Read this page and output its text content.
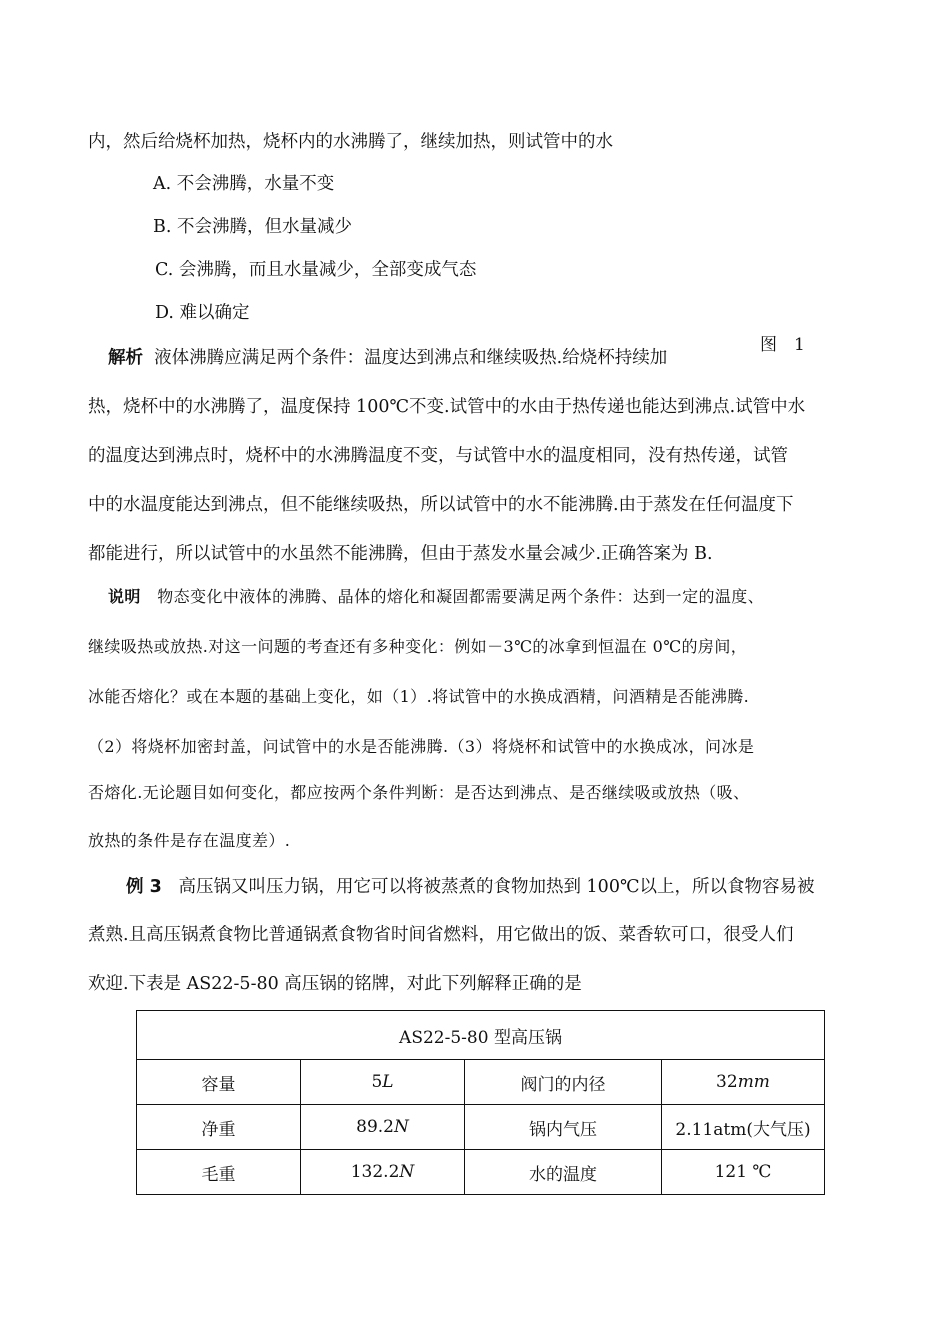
内，然后给烧杯加热，烧杯内的水沸腾了，继续加热，则试管中的水
A. 不会沸腾，水量不变
B. 不会沸腾，但水量减少
C. 会沸腾，而且水量减少，全部变成气态
D. 难以确定
图　1
解析 液体沸腾应满足两个条件：温度达到沸点和继续吸热.给烧杯持续加
热，烧杯中的水沸腾了，温度保持 100℃不变.试管中的水由于热传递也能达到沸点.试管中水
的温度达到沸点时，烧杯中的水沸腾温度不变，与试管中水的温度相同，没有热传递，试管
中的水温度能达到沸点，但不能继续吸热，所以试管中的水不能沸腾.由于蒸发在任何温度下
都能进行，所以试管中的水虽然不能沸腾，但由于蒸发水量会减少.正确答案为 B.
说明 物态变化中液体的沸腾、晶体的熔化和凝固都需要满足两个条件：达到一定的温度、
继续吸热或放热.对这一问题的考查还有多种变化：例如－3℃的冰拿到恒温在 0℃的房间，
冰能否熔化？或在本题的基础上变化，如（1）.将试管中的水换成酒精，问酒精是否能沸腾.
（2）将烧杯加密封盖，问试管中的水是否能沸腾.（3）将烧杯和试管中的水换成冰，问冰是
否熔化.无论题目如何变化，都应按两个条件判断：是否达到沸点、是否继续吸或放热（吸、
放热的条件是存在温度差）.
例 3 高压锅又叫压力锅，用它可以将被蒸煮的食物加热到 100℃以上，所以食物容易被
煮熟.且高压锅煮食物比普通锅煮食物省时间省燃料，用它做出的饭、菜香软可口，很受人们
欢迎.下表是 AS22-5-80 高压锅的铭牌，对此下列解释正确的是
AS22-5-80 型高压锅			
容量	5L	阀门的内径	32mm
净重	89.2N	锅内气压	2.11atm(大气压)
毛重	132.2N	水的温度	121 ℃
